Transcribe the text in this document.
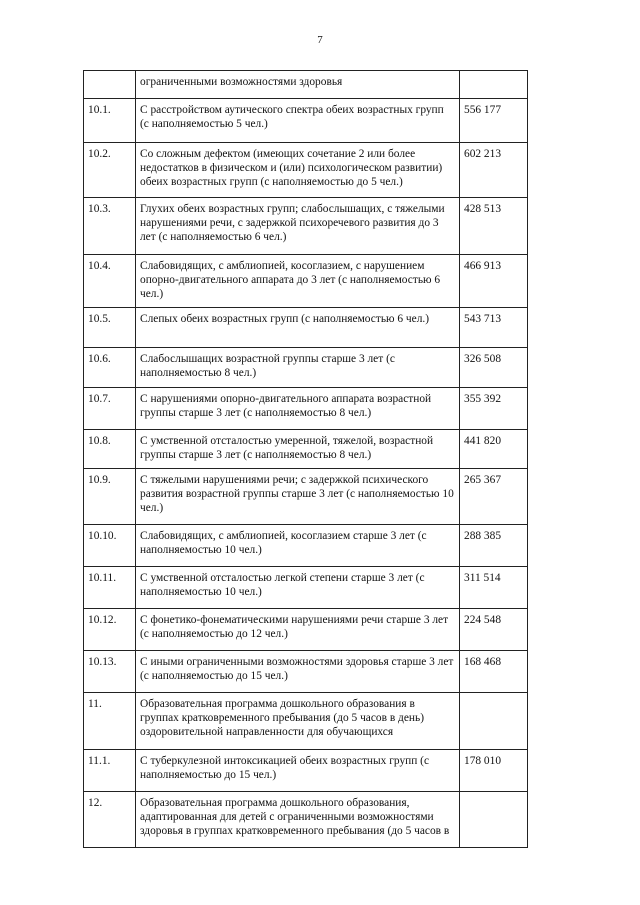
7
	ограниченными возможностями здоровья	
10.1.	С расстройством аутического спектра обеих возрастных групп (с наполняемостью 5 чел.)	556 177
10.2.	Со сложным дефектом (имеющих сочетание 2 или более недостатков в физическом и (или) психологическом развитии) обеих возрастных групп (с наполняемостью до 5 чел.)	602 213
10.3.	Глухих обеих возрастных групп; слабослышащих, с тяжелыми нарушениями речи, с задержкой психоречевого развития до 3 лет (с наполняемостью 6 чел.)	428 513
10.4.	Слабовидящих, с амблиопией, косоглазием, с нарушением опорно-двигательного аппарата до 3 лет (с наполняемостью 6 чел.)	466 913
10.5.	Слепых обеих возрастных групп (с наполняемостью 6 чел.)	543 713
10.6.	Слабослышащих возрастной группы старше 3 лет (с наполняемостью 8 чел.)	326 508
10.7.	С нарушениями опорно-двигательного аппарата возрастной группы старше 3 лет (с наполняемостью 8 чел.)	355 392
10.8.	С умственной отсталостью умеренной, тяжелой, возрастной группы старше 3 лет (с наполняемостью 8 чел.)	441 820
10.9.	С тяжелыми нарушениями речи; с задержкой психического развития возрастной группы старше 3 лет (с наполняемостью 10 чел.)	265 367
10.10.	Слабовидящих, с амблиопией, косоглазием старше 3 лет (с наполняемостью 10 чел.)	288 385
10.11.	С умственной отсталостью легкой степени старше 3 лет (с наполняемостью 10 чел.)	311 514
10.12.	С фонетико-фонематическими нарушениями речи старше 3 лет (с наполняемостью до 12 чел.)	224 548
10.13.	С иными ограниченными возможностями здоровья старше 3 лет (с наполняемостью до 15 чел.)	168 468
11.	Образовательная программа дошкольного образования в группах кратковременного пребывания (до 5 часов в день) оздоровительной направленности для обучающихся	
11.1.	С туберкулезной интоксикацией обеих возрастных групп (с наполняемостью до 15 чел.)	178 010
12.	Образовательная программа дошкольного образования, адаптированная для детей с ограниченными возможностями здоровья в группах кратковременного пребывания (до 5 часов в	
